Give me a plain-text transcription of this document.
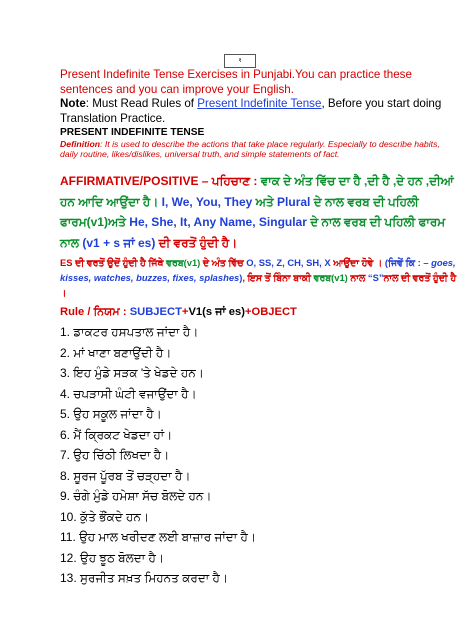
१

Present Indefinite Tense Exercises in Punjabi.You can practice these sentences and you can improve your English.

Note: Must Read Rules of Present Indefinite Tense, Before you start doing Translation Practice.

PRESENT INDEFINITE TENSE

Definition: It is used to describe the actions that take place regularly. Especially to describe habits, daily routine, likes/dislikes, universal truth, and simple statements of fact.

AFFIRMATIVE/POSITIVE – ਪਹਿਚਾਣ : ਵਾਕ ਦੇ ਅੰਤ ਵਿੱਚ ਦਾ ਹੈ ,ਦੀ ਹੈ ,ਦੇ ਹਨ ,ਦੀਆਂ ਹਨ ਆਦਿ ਆਉਂਦਾ ਹੈ। I, We, You, They ਅਤੇ Plural ਦੇ ਨਾਲ ਵਰਬ ਦੀ ਪਹਿਲੀ ਫਾਰਮ(v1)ਅਤੇ He, She, It, Any Name, Singular ਦੇ ਨਾਲ ਵਰਬ ਦੀ ਪਹਿਲੀ ਫਾਰਮ ਨਾਲ (v1 + s ਜਾਂ es) ਦੀ ਵਰਤੋਂ ਹੁੰਦੀ ਹੈ।

ES ਦੀ ਵਰਤੋਂ ਉਦੋਂ ਹੁੰਦੀ ਹੈ ਜਿੱਥੇ ਵਰਬ(v1) ਦੇ ਅੰਤ ਵਿੱਚ O, SS, Z, CH, SH, X ਆਉਂਦਾ ਹੋਵੇ । (ਜਿਵੇਂ ਕਿ : – goes, kisses, watches, buzzes, fixes, splashes), ਇਸ ਤੋਂ ਬਿੰਨਾ ਬਾਕੀ ਵਰਬ(v1) ਨਾਲ “S”ਨਾਲ ਦੀ ਵਰਤੋਂ ਹੁੰਦੀ ਹੈ ।

Rule / ਨਿਯਮ : SUBJECT+V1(s ਜਾਂ es)+OBJECT

1. ਡਾਕਟਰ ਹਸਪਤਾਲ ਜਾਂਦਾ ਹੈ।
2. ਮਾਂ ਖਾਣਾ ਬਣਾਉਂਦੀ ਹੈ।
3. ਇਹ ਮੁੰਡੇ ਸੜਕ 'ਤੇ ਖੇਡਦੇ ਹਨ।
4. ਚਪੜਾਸੀ ਘੰਟੀ ਵਜਾਉਂਦਾ ਹੈ।
5. ਉਹ ਸਕੂਲ ਜਾਂਦਾ ਹੈ।
6. ਮੈਂ ਕ੍ਰਿਕਟ ਖੇਡਦਾ ਹਾਂ।
7. ਉਹ ਚਿੱਠੀ ਲਿਖਦਾ ਹੈ।
8. ਸੂਰਜ ਪੂੱਰਬ ਤੋਂ ਚੜ੍ਹਦਾ ਹੈ।
9. ਚੰਗੇ ਮੁੰਡੇ ਹਮੇਸ਼ਾ ਸੱਚ ਬੋਲਦੇ ਹਨ।
10. ਕੁੱਤੇ ਭੌਂਕਦੇ ਹਨ।
11. ਉਹ ਮਾਲ ਖਰੀਦਣ ਲਈ ਬਾਜ਼ਾਰ ਜਾਂਦਾ ਹੈ।
12. ਉਹ ਝੂਠ ਬੋਲਦਾ ਹੈ।
13. ਸੁਰਜੀਤ ਸਖ਼ਤ ਮਿਹਨਤ ਕਰਦਾ ਹੈ।
